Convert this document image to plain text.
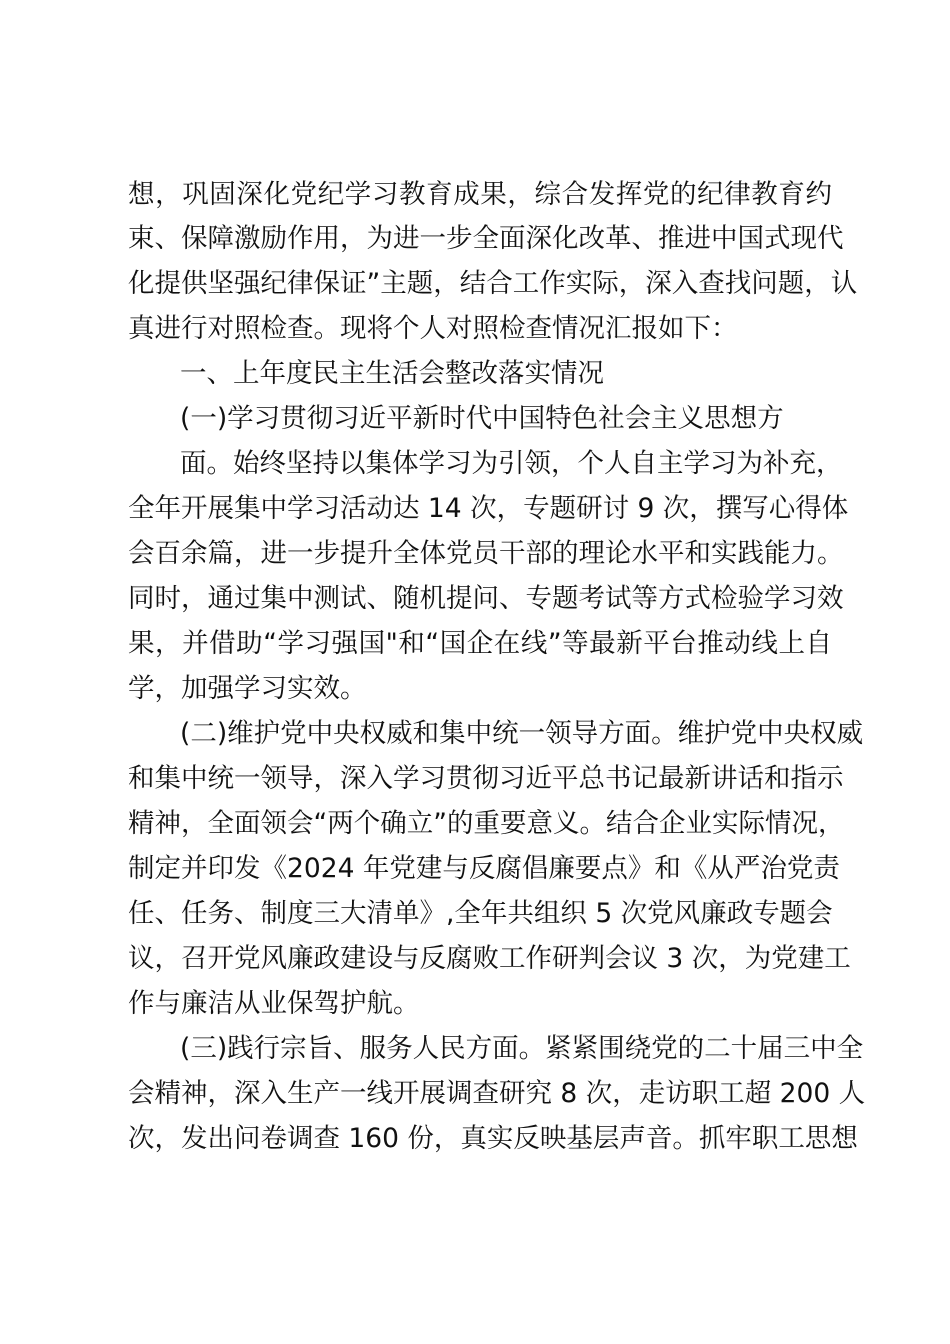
想，巩固深化党纪学习教育成果，综合发挥党的纪律教育约
束、保障激励作用，为进一步全面深化改革、推进中国式现代
化提供坚强纪律保证”主题，结合工作实际，深入查找问题，认
真进行对照检查。现将个人对照检查情况汇报如下：
一、上年度民主生活会整改落实情况
(一)学习贯彻习近平新时代中国特色社会主义思想方
面。始终坚持以集体学习为引领，个人自主学习为补充，
全年开展集中学习活动达 14 次，专题研讨 9 次，撰写心得体
会百余篇，进一步提升全体党员干部的理论水平和实践能力。
同时，通过集中测试、随机提问、专题考试等方式检验学习效
果，并借助“学习强国"和“国企在线”等最新平台推动线上自
学，加强学习实效。
(二)维护党中央权威和集中统一领导方面。维护党中央权威
和集中统一领导，深入学习贯彻习近平总书记最新讲话和指示
精神，全面领会“两个确立”的重要意义。结合企业实际情况，
制定并印发《2024 年党建与反腐倡廉要点》和《从严治党责
任、任务、制度三大清单》,全年共组织 5 次党风廉政专题会
议，召开党风廉政建设与反腐败工作研判会议 3 次，为党建工
作与廉洁从业保驾护航。
(三)践行宗旨、服务人民方面。紧紧围绕党的二十届三中全
会精神，深入生产一线开展调查研究 8 次，走访职工超 200 人
次，发出问卷调查 160 份，真实反映基层声音。抓牢职工思想
